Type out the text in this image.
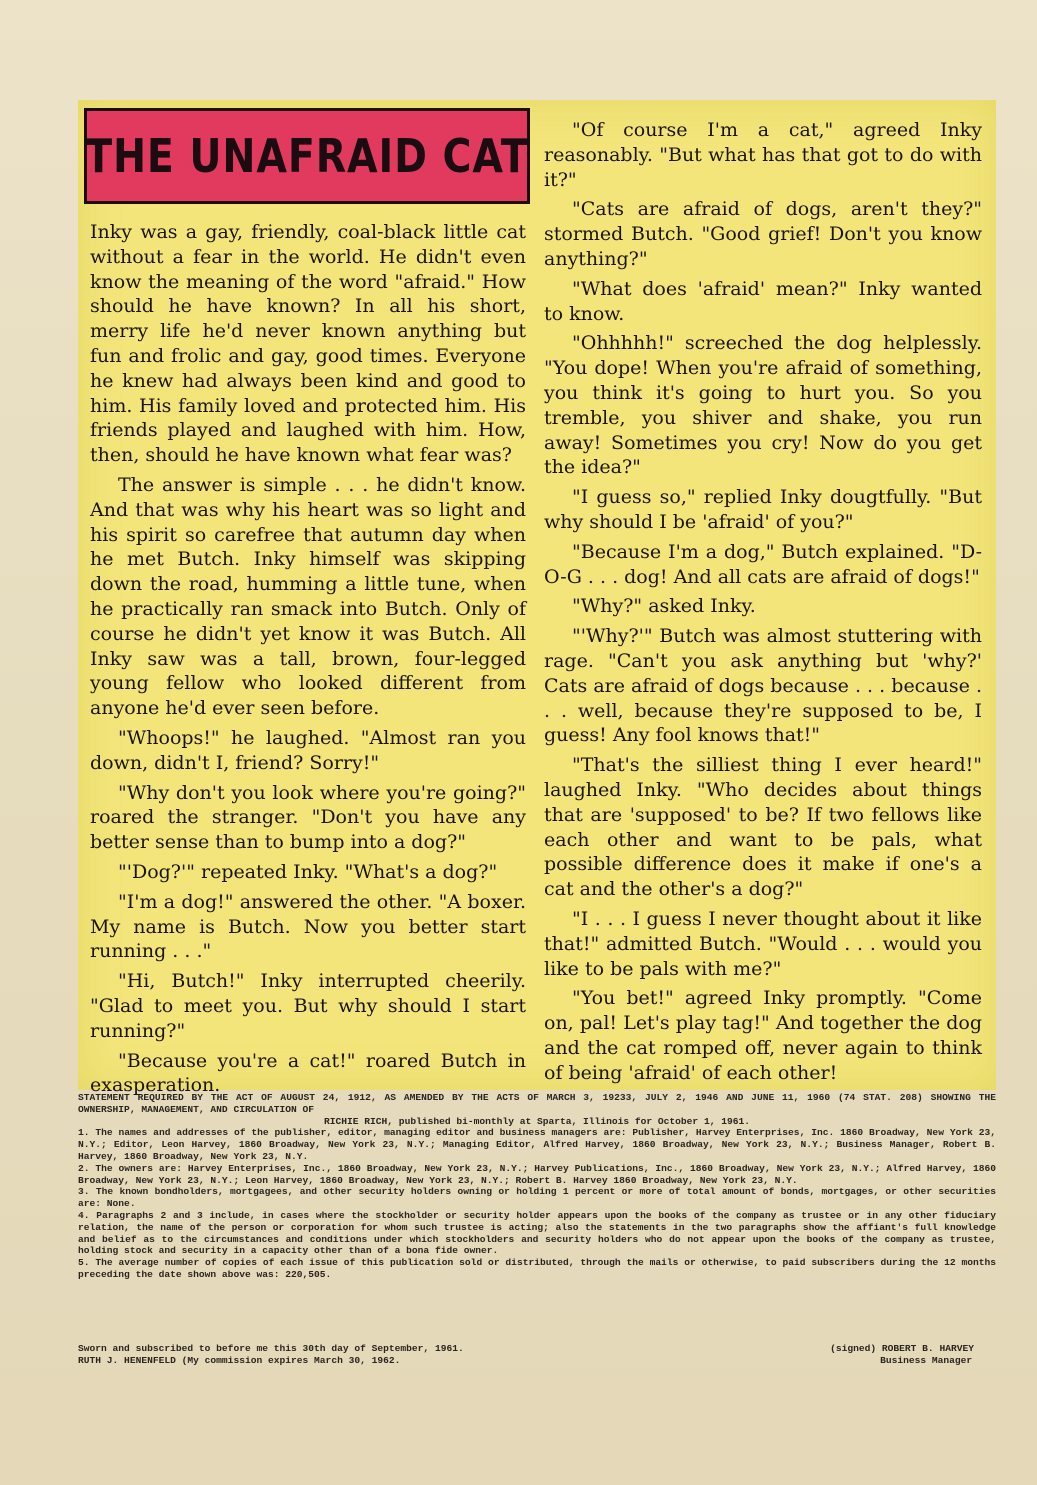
THE UNAFRAID CAT

Inky was a gay, friendly, coal-black little cat without a fear in the world. He didn't even know the meaning of the word "afraid." How should he have known? In all his short, merry life he'd never known anything but fun and frolic and gay, good times. Everyone he knew had always been kind and good to him. His family loved and protected him. His friends played and laughed with him. How, then, should he have known what fear was?

The answer is simple . . . he didn't know. And that was why his heart was so light and his spirit so carefree that autumn day when he met Butch. Inky himself was skipping down the road, humming a little tune, when he practically ran smack into Butch. Only of course he didn't yet know it was Butch. All Inky saw was a tall, brown, four-legged young fellow who looked different from anyone he'd ever seen before.

"Whoops!" he laughed. "Almost ran you down, didn't I, friend? Sorry!"

"Why don't you look where you're going?" roared the stranger. "Don't you have any better sense than to bump into a dog?"

"'Dog?'" repeated Inky. "What's a dog?"

"I'm a dog!" answered the other. "A boxer. My name is Butch. Now you better start running . . ."

"Hi, Butch!" Inky interrupted cheerily. "Glad to meet you. But why should I start running?"

"Because you're a cat!" roared Butch in exasperation.

"Of course I'm a cat," agreed Inky reasonably. "But what has that got to do with it?"

"Cats are afraid of dogs, aren't they?" stormed Butch. "Good grief! Don't you know anything?"

"What does 'afraid' mean?" Inky wanted to know.

"Ohhhhh!" screeched the dog helplessly. "You dope! When you're afraid of something, you think it's going to hurt you. So you tremble, you shiver and shake, you run away! Sometimes you cry! Now do you get the idea?"

"I guess so," replied Inky dougtfully. "But why should I be 'afraid' of you?"

"Because I'm a dog," Butch explained. "D-O-G . . . dog! And all cats are afraid of dogs!"

"Why?" asked Inky.

"'Why?'" Butch was almost stuttering with rage. "Can't you ask anything but 'why?' Cats are afraid of dogs because . . . because . . . well, because they're supposed to be, I guess! Any fool knows that!"

"That's the silliest thing I ever heard!" laughed Inky. "Who decides about things that are 'supposed' to be? If two fellows like each other and want to be pals, what possible difference does it make if one's a cat and the other's a dog?"

"I . . . I guess I never thought about it like that!" admitted Butch. "Would . . . would you like to be pals with me?"

"You bet!" agreed Inky promptly. "Come on, pal! Let's play tag!" And together the dog and the cat romped off, never again to think of being 'afraid' of each other!

STATEMENT REQUIRED BY THE ACT OF AUGUST 24, 1912, AS AMENDED BY THE ACTS OF MARCH 3, 19233, JULY 2, 1946 AND JUNE 11, 1960 (74 STAT. 208) SHOWING THE OWNERSHIP, MANAGEMENT, AND CIRCULATION OF

RICHIE RICH, published bi-monthly at Sparta, Illinois for October 1, 1961.

1. The names and addresses of the publisher, editor, managing editor and business managers are: Publisher, Harvey Enterprises, Inc. 1860 Broadway, New York 23, N.Y.; Editor, Leon Harvey, 1860 Broadway, New York 23, N.Y.; Managing Editor, Alfred Harvey, 1860 Broadway, New York 23, N.Y.; Business Manager, Robert B. Harvey, 1860 Broadway, New York 23, N.Y.

2. The owners are: Harvey Enterprises, Inc., 1860 Broadway, New York 23, N.Y.; Harvey Publications, Inc., 1860 Broadway, New York 23, N.Y.; Alfred Harvey, 1860 Broadway, New York 23, N.Y.; Leon Harvey, 1860 Broadway, New York 23, N.Y.; Robert B. Harvey 1860 Broadway, New York 23, N.Y.

3. The known bondholders, mortgagees, and other security holders owning or holding 1 percent or more of total amount of bonds, mortgages, or other securities are: None.

4. Paragraphs 2 and 3 include, in cases where the stockholder or security holder appears upon the books of the company as trustee or in any other fiduciary relation, the name of the person or corporation for whom such trustee is acting; also the statements in the two paragraphs show the affiant's full knowledge and belief as to the circumstances and conditions under which stockholders and security holders who do not appear upon the books of the company as trustee, holding stock and security in a capacity other than of a bona fide owner.

5. The average number of copies of each issue of this publication sold or distributed, through the mails or otherwise, to paid subscribers during the 12 months preceding the date shown above was: 220,505.

Sworn and subscribed to before me this 30th day of September, 1961.
RUTH J. HENENFELD (My commission expires March 30, 1962.
(signed) ROBERT B. HARVEY
Business Manager
